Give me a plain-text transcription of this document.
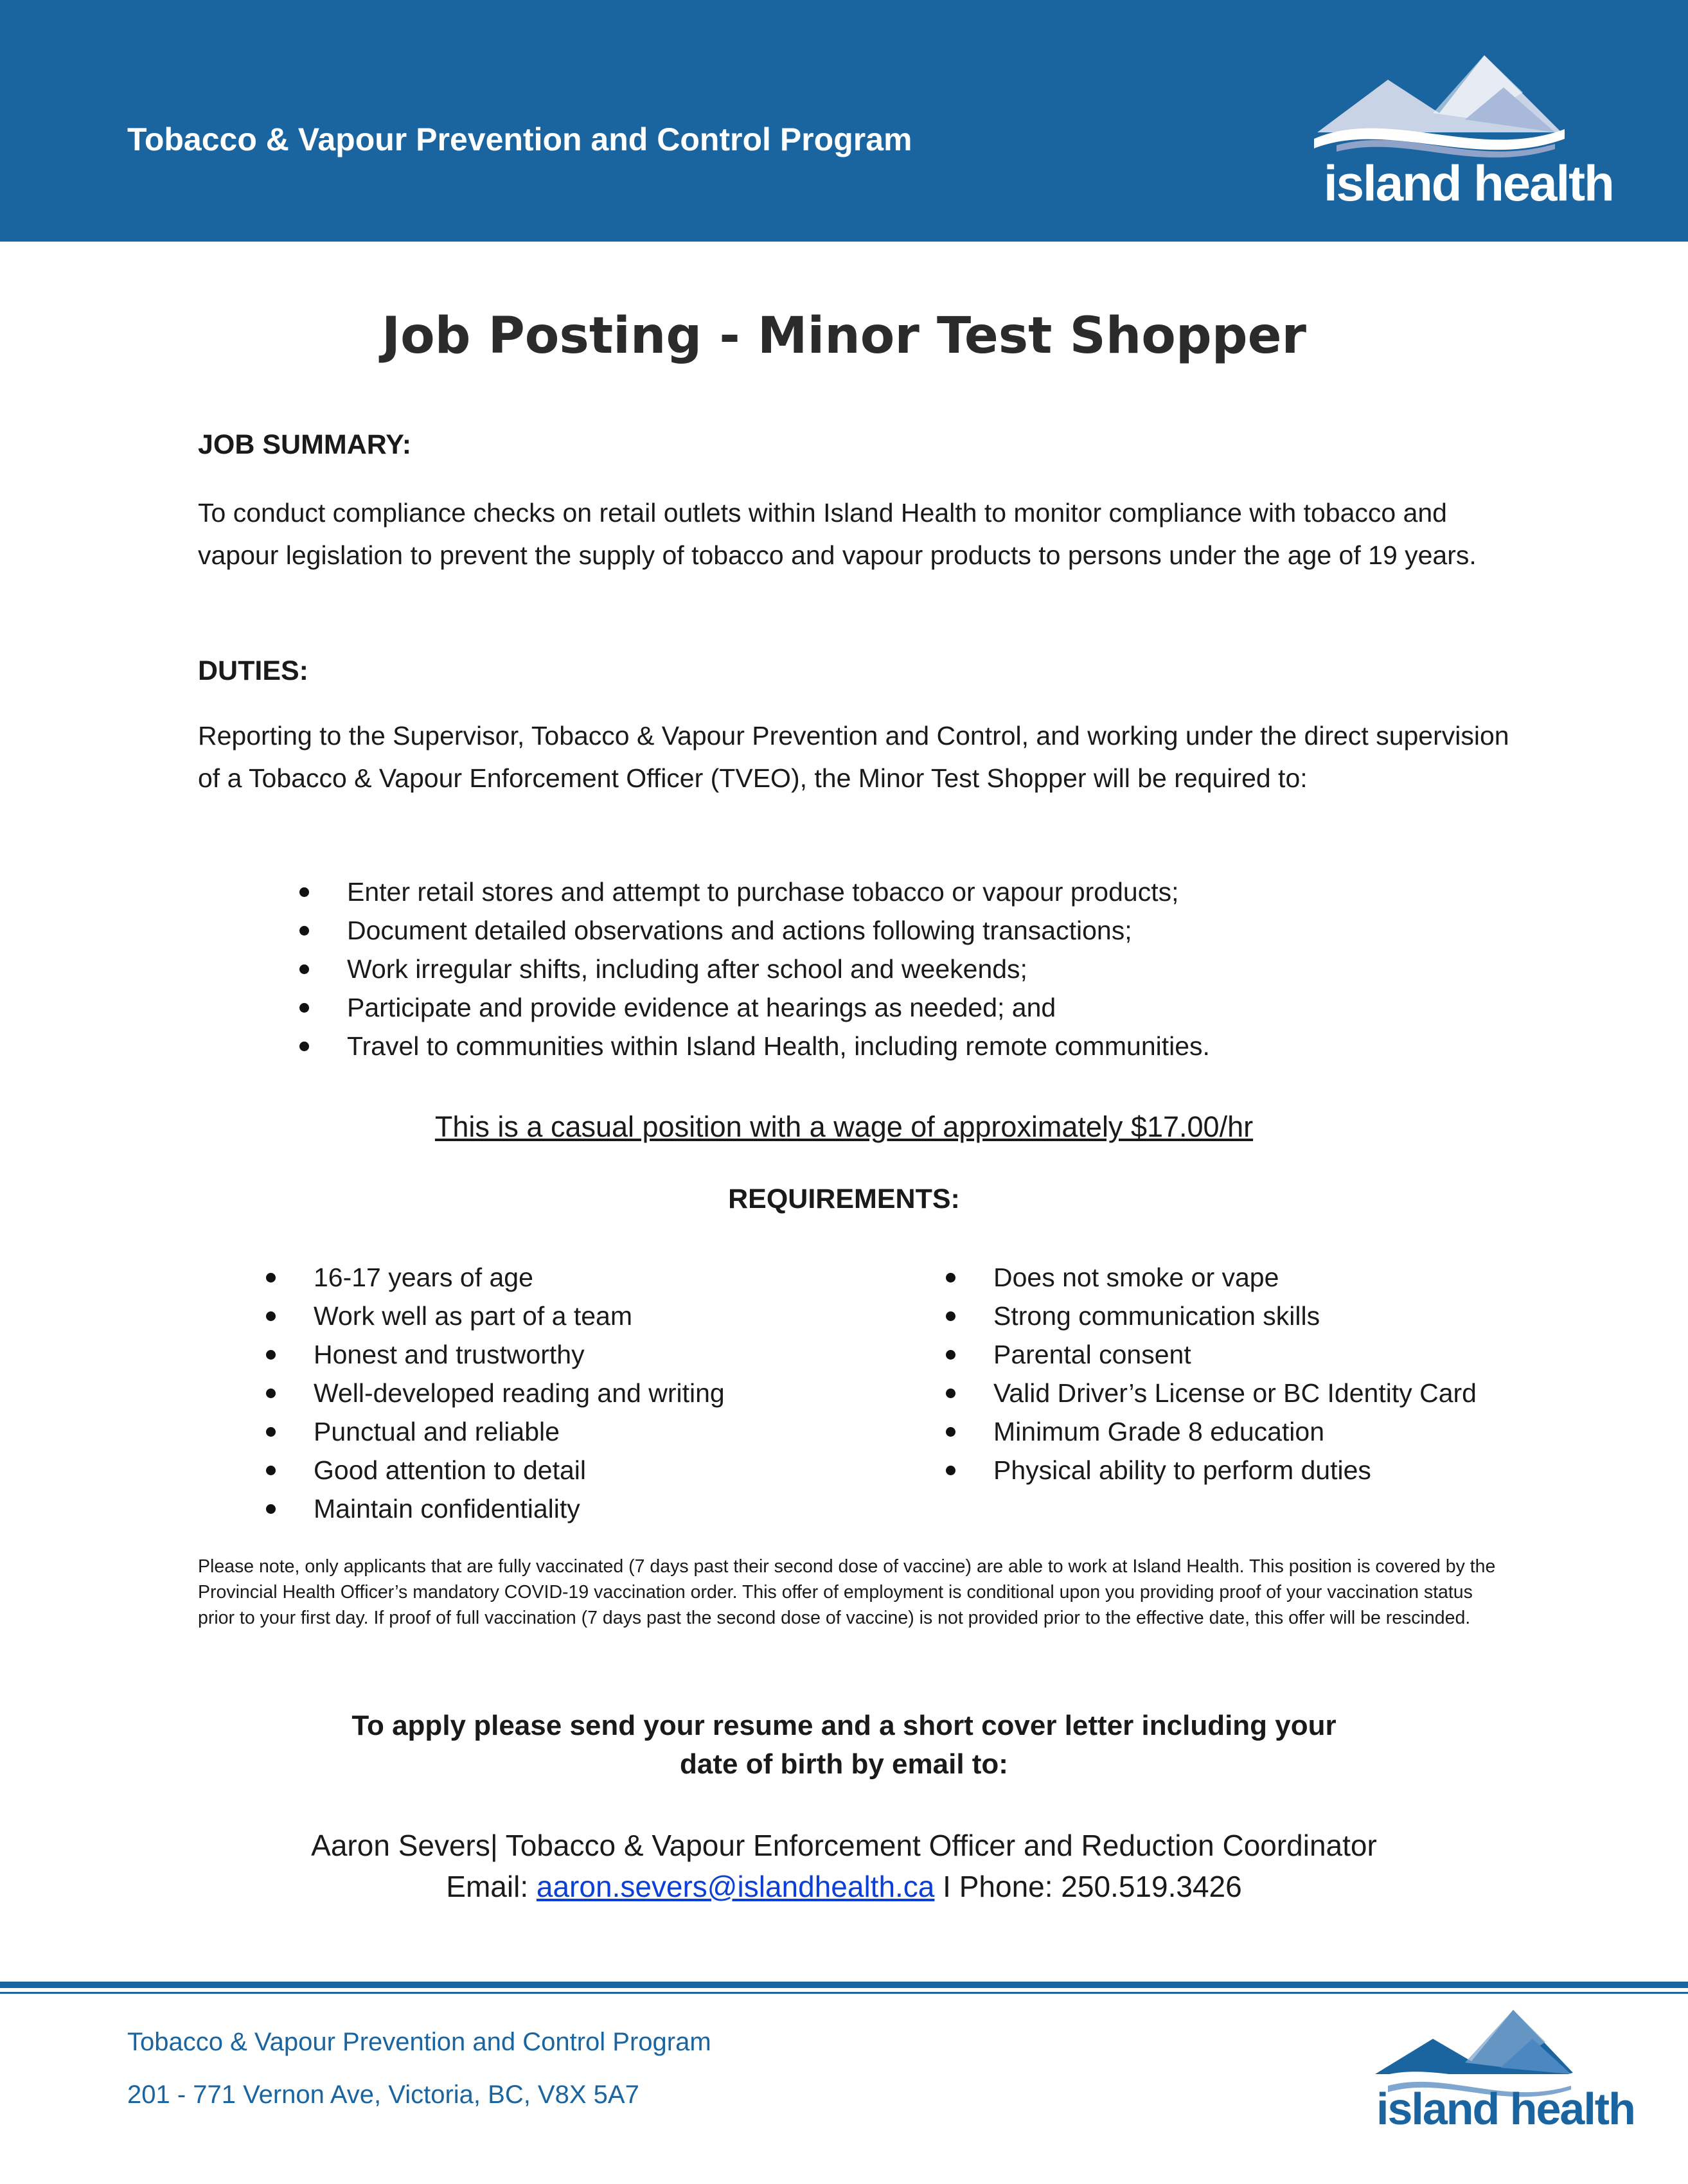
Tobacco & Vapour Prevention and Control Program
island health
Job Posting - Minor Test Shopper
JOB SUMMARY:

To conduct compliance checks on retail outlets within Island Health to monitor compliance with tobacco and vapour legislation to prevent the supply of tobacco and vapour products to persons under the age of 19 years.

DUTIES:

Reporting to the Supervisor, Tobacco & Vapour Prevention and Control, and working under the direct supervision of a Tobacco & Vapour Enforcement Officer (TVEO), the Minor Test Shopper will be required to:

Enter retail stores and attempt to purchase tobacco or vapour products;
Document detailed observations and actions following transactions;
Work irregular shifts, including after school and weekends;
Participate and provide evidence at hearings as needed; and
Travel to communities within Island Health, including remote communities.
This is a casual position with a wage of approximately $17.00/hr
REQUIREMENTS:
16-17 years of age
Work well as part of a team
Honest and trustworthy
Well-developed reading and writing
Punctual and reliable
Good attention to detail
Maintain confidentiality
Does not smoke or vape
Strong communication skills
Parental consent
Valid Driver’s License or BC Identity Card
Minimum Grade 8 education
Physical ability to perform duties

Please note, only applicants that are fully vaccinated (7 days past their second dose of vaccine) are able to work at Island Health. This position is covered by the Provincial Health Officer’s mandatory COVID-19 vaccination order. This offer of employment is conditional upon you providing proof of your vaccination status prior to your first day. If proof of full vaccination (7 days past the second dose of vaccine) is not provided prior to the effective date, this offer will be rescinded.

To apply please send your resume and a short cover letter including your
date of birth by email to:
Aaron Severs| Tobacco & Vapour Enforcement Officer and Reduction Coordinator
Email: aaron.severs@islandhealth.ca I Phone: 250.519.3426
Tobacco & Vapour Prevention and Control Program
201 - 771 Vernon Ave, Victoria, BC, V8X 5A7	island health
